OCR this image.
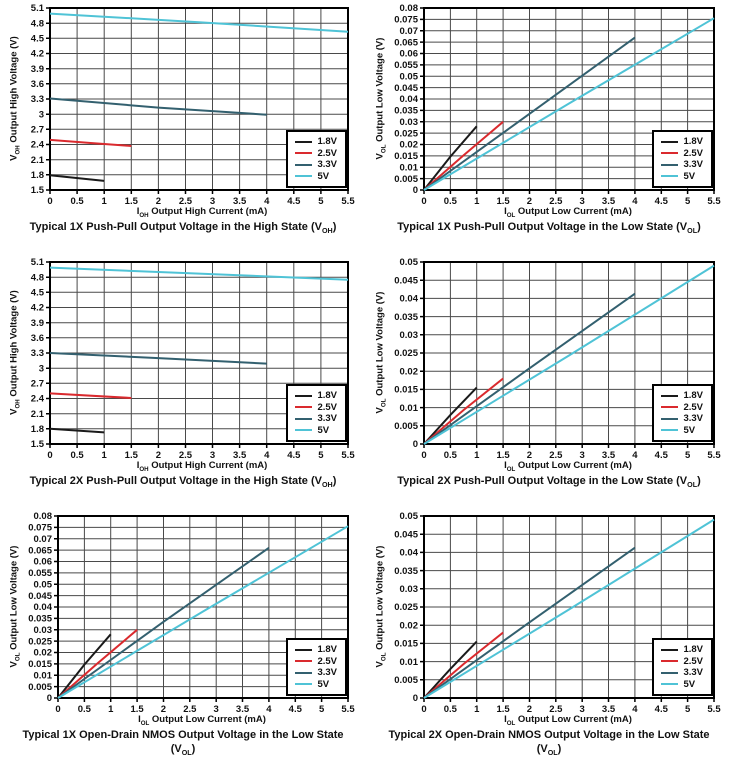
1.5
1.8
2.1
2.4
2.7
3
3.3
3.6
3.9
4.2
4.5
4.8
5.1
0 0.5 1 1.5 2 2.5 3 3.5 4 4.5 5 5.5
$V_{OH}$ Output High Voltage (V)	1.8V
2.5V
3.3V
5V
$I_{OH}$ Output High Current (mA)
Typical 1X Push-Pull Output Voltage in the High State $(V_{OH})$
0
0.005
0.01
0.015
0.02
0.025
0.03
0.035
0.04
0.045
0.05
0.055
0.06
0.065
0.07
0.075
0.08
0 0.5 1 1.5 2 2.5 3 3.5 4 4.5 5 5.5
$V_{OL}$ Output Low Voltage (V)	1.8V
2.5V
3.3V
5V
$I_{OL}$ Output Low Current (mA)
Typical 1X Push-Pull Output Voltage in the Low State $(V_{OL})$
1.5
1.8
2.1
2.4
2.7
3
3.3
3.6
3.9
4.2
4.5
4.8
5.1
0 0.5 1 1.5 2 2.5 3 3.5 4 4.5 5 5.5
$V_{OH}$ Output High Voltage (V)	1.8V
2.5V
3.3V
5V
$I_{OH}$ Output High Current (mA)
Typical 2X Push-Pull Output Voltage in the High State $(V_{OH})$
0
0.005
0.01
0.015
0.02
0.025
0.03
0.035
0.04
0.045
0.05
0 0.5 1 1.5 2 2.5 3 3.5 4 4.5 5 5.5
$V_{OL}$ Output Low Voltage (V)	1.8V
2.5V
3.3V
5V
$I_{OL}$ Output Low Current (mA)
Typical 2X Push-Pull Output Voltage in the Low State $(V_{OL})$
0
0.005
0.01
0.015
0.02
0.025
0.03
0.035
0.04
0.045
0.05
0.055
0.06
0.065
0.07
0.075
0.08
0 0.5 1 1.5 2 2.5 3 3.5 4 4.5 5 5.5
$V_{OL}$ Output Low Voltage (V)	1.8V
2.5V
3.3V
5V
$I_{OL}$ Output Low Current (mA)
Typical 1X Open-Drain NMOS Output Voltage in the Low State $(V_{OL})$
0
0.005
0.01
0.015
0.02
0.025
0.03
0.035
0.04
0.045
0.05
0 0.5 1 1.5 2 2.5 3 3.5 4 4.5 5 5.5
$V_{OL}$ Output Low Voltage (V)	1.8V
2.5V
3.3V
5V
$I_{OL}$ Output Low Current (mA)
Typical 2X Open-Drain NMOS Output Voltage in the Low State $(V_{OL})$
